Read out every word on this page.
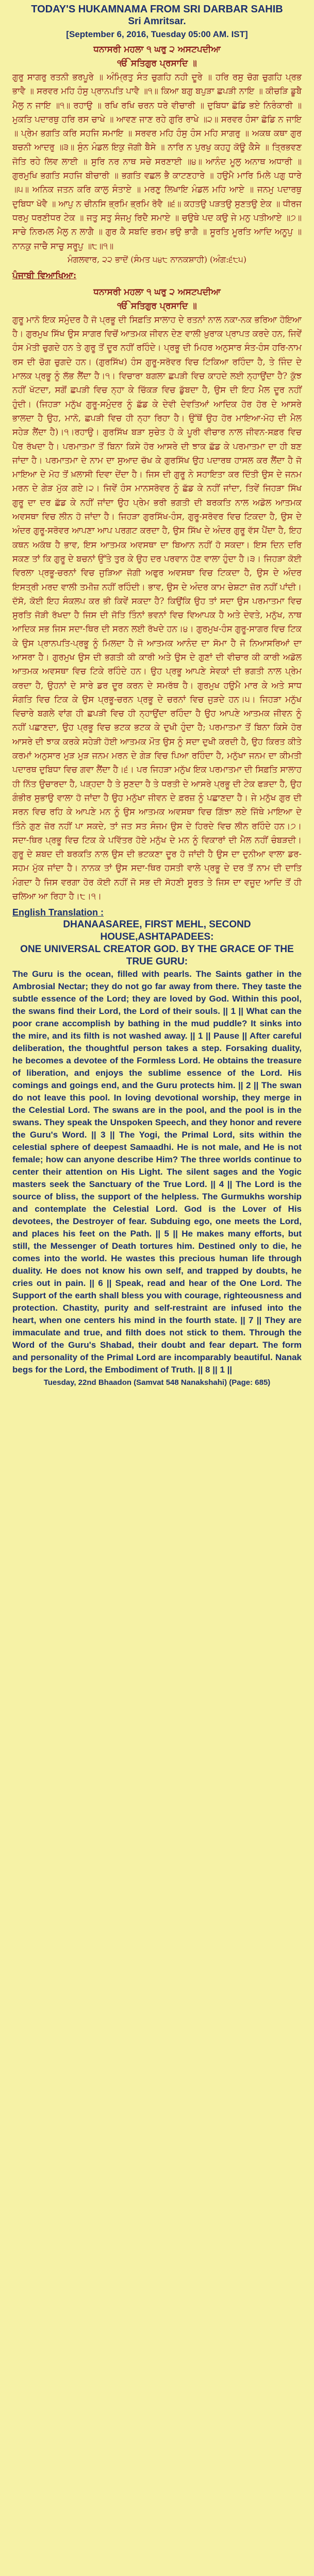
TODAY'S HUKAMNAMA FROM SRI DARBAR SAHIB

Sri Amritsar.

[September 6, 2016, Tuesday 05:00 AM. IST]

ਧਨਾਸਰੀ ਮਹਲਾ ੧ ਘਰੁ ੨ ਅਸਟਪਦੀਆ

ੴ ਸਤਿਗੁਰ ਪ੍ਰਸਾਦਿ ॥

ਗੁਰੁ ਸਾਗਰੁ ਰਤਨੀ ਭਰਪੂਰੇ ॥ ਅੰਮ੍ਰਿਤੁ ਸੰਤ ਚੁਗਹਿ ਨਹੀ ਦੂਰੇ ॥ ਹਰਿ ਰਸੁ ਚੋਗ ਚੁਗਹਿ ਪ੍ਰਭ ਭਾਵੈ ॥ ਸਰਵਰ ਮਹਿ ਹੰਸੁ ਪ੍ਰਾਨਪਤਿ ਪਾਵੈ ॥੧॥ ਕਿਆ ਬਗੁ ਬਪੁੜਾ ਛਪੜੀ ਨਾਇ ॥ ਕੀਚੜਿ ਡੂਬੈ ਮੈਲੁ ਨ ਜਾਇ ॥੧॥ ਰਹਾਉ ॥ ਰਖਿ ਰਖਿ ਚਰਨ ਧਰੇ ਵੀਚਾਰੀ ॥ ਦੁਬਿਧਾ ਛੋਡਿ ਭਏ ਨਿਰੰਕਾਰੀ ॥ ਮੁਕਤਿ ਪਦਾਰਥੁ ਹਰਿ ਰਸ ਚਾਖੇ ॥ ਆਵਣ ਜਾਣ ਰਹੇ ਗੁਰਿ ਰਾਖੇ ॥੨॥ ਸਰਵਰ ਹੰਸਾ ਛੋਡਿ ਨ ਜਾਇ ॥ ਪ੍ਰੇਮ ਭਗਤਿ ਕਰਿ ਸਹਜਿ ਸਮਾਇ ॥ ਸਰਵਰ ਮਹਿ ਹੰਸੁ ਹੰਸ ਮਹਿ ਸਾਗਰੁ ॥ ਅਕਥ ਕਥਾ ਗੁਰ ਬਚਨੀ ਆਦਰੁ ॥੩॥ ਸੁੰਨ ਮੰਡਲ ਇਕੁ ਜੋਗੀ ਬੈਸੇ ॥ ਨਾਰਿ ਨ ਪੁਰਖੁ ਕਹਹੁ ਕੋਊ ਕੈਸੇ ॥ ਤ੍ਰਿਭਵਣ ਜੋਤਿ ਰਹੇ ਲਿਵ ਲਾਈ ॥ ਸੁਰਿ ਨਰ ਨਾਥ ਸਚੇ ਸਰਣਾਈ ॥੪॥ ਆਨੰਦ ਮੂਲੁ ਅਨਾਥ ਅਧਾਰੀ ॥ ਗੁਰਮੁਖਿ ਭਗਤਿ ਸਹਜਿ ਬੀਚਾਰੀ ॥ ਭਗਤਿ ਵਛਲ ਭੈ ਕਾਟਣਹਾਰੇ ॥ ਹਉਮੈ ਮਾਰਿ ਮਿਲੇ ਪਗੁ ਧਾਰੇ ॥੫॥ ਅਨਿਕ ਜਤਨ ਕਰਿ ਕਾਲੁ ਸੰਤਾਏ ॥ ਮਰਣੁ ਲਿਖਾਇ ਮੰਡਲ ਮਹਿ ਆਏ ॥ ਜਨਮੁ ਪਦਾਰਥੁ ਦੁਬਿਧਾ ਖੋਵੈ ॥ ਆਪੁ ਨ ਚੀਨਸਿ ਭ੍ਰਮਿ ਭ੍ਰਮਿ ਰੋਵੈ ॥੬॥ ਕਹਤਉ ਪੜਤਉ ਸੁਣਤਉ ਏਕ ॥ ਧੀਰਜ ਧਰਮੁ ਧਰਣੀਧਰ ਟੇਕ ॥ ਜਤੁ ਸਤੁ ਸੰਜਮੁ ਰਿਦੈ ਸਮਾਏ ॥ ਚਉਥੇ ਪਦ ਕਉ ਜੇ ਮਨੁ ਪਤੀਆਏ ॥੭॥ ਸਾਚੇ ਨਿਰਮਲ ਮੈਲੁ ਨ ਲਾਗੈ ॥ ਗੁਰ ਕੈ ਸਬਦਿ ਭਰਮ ਭਉ ਭਾਗੈ ॥ ਸੂਰਤਿ ਮੂਰਤਿ ਆਦਿ ਅਨੂਪੁ ॥ ਨਾਨਕੁ ਜਾਚੈ ਸਾਚੁ ਸਰੂਪੁ ॥੮॥੧॥

ਮੰਗਲਵਾਰ, ੨੨ ਭਾਦੋਂ (ਸੰਮਤ ੫੪੮ ਨਾਨਕਸ਼ਾਹੀ) (ਅੰਗ:੬੮੫)

ਪੰਜਾਬੀ ਵਿਆਖਿਆ:

ਧਨਾਸਰੀ ਮਹਲਾ ੧ ਘਰੁ ੨ ਅਸਟਪਦੀਆ

ੴ ਸਤਿਗੁਰ ਪ੍ਰਸਾਦਿ ॥

ਗੁਰੂ ਮਾਨੋ ਇਕ ਸਮੁੰਦਰ ਹੈ ਜੋ ਪ੍ਰਭੂ ਦੀ ਸਿਫ਼ਤਿ ਸਾਲਾਹ ਦੇ ਰਤਨਾਂ ਨਾਲ ਨਕਾ-ਨਕ ਭਰਿਆ ਹੋਇਆ ਹੈ। ਗੁਰਮੁਖ ਸਿੱਖ ਉਸ ਸਾਗਰ ਵਿਚੋਂ ਆਤਮਕ ਜੀਵਨ ਦੇਣ ਵਾਲੀ ਖ਼ੁਰਾਕ ਪ੍ਰਾਪਤ ਕਰਦੇ ਹਨ, ਜਿਵੇਂ ਹੰਸ ਮੋਤੀ ਚੁਗਦੇ ਹਨ ਤੇ ਗੁਰੂ ਤੋਂ ਦੂਰ ਨਹੀਂ ਰਹਿੰਦੇ। ਪ੍ਰਭੂ ਦੀ ਮਿਹਰ ਅਨੁਸਾਰ ਸੰਤ-ਹੰਸ ਹਰਿ-ਨਾਮ ਰਸ ਦੀ ਚੋਗ ਚੁਗਦੇ ਹਨ। (ਗੁਰਸਿੱਖ) ਹੰਸ ਗੁਰੂ-ਸਰੋਵਰ ਵਿਚ ਟਿਕਿਆ ਰਹਿੰਦਾ ਹੈ, ਤੇ ਜਿੰਦ ਦੇ ਮਾਲਕ ਪ੍ਰਭੂ ਨੂੰ ਲੱਭ ਲੈਂਦਾ ਹੈ।੧। ਵਿਚਾਰਾ ਬਗਲਾ ਛਪੜੀ ਵਿਚ ਕਾਹਦੇ ਲਈ ਨ੍ਹਾਉਂਦਾ ਹੈ? ਕੁੱਝ ਨਹੀਂ ਖੱਟਦਾ, ਸਗੋਂ ਛਪੜੀ ਵਿਚ ਨ੍ਹਾ ਕੇ ਚਿੱਕੜ ਵਿਚ ਡੁੱਬਦਾ ਹੈ, ਉਸ ਦੀ ਇਹ ਮੈਲ ਦੂਰ ਨਹੀਂ ਹੁੰਦੀ। (ਜਿਹੜਾ ਮਨੁੱਖ ਗੁਰੂ-ਸਮੁੰਦਰ ਨੂੰ ਛੱਡ ਕੇ ਦੇਵੀ ਦੇਵਤਿਆਂ ਆਦਿਕ ਹੋਰ ਹੋਰ ਦੇ ਆਸਰੇ ਭਾਲਦਾ ਹੈ ਉਹ, ਮਾਨੋ, ਛਪੜੀ ਵਿਚ ਹੀ ਨ੍ਹਾ ਰਿਹਾ ਹੈ। ਉੱਥੋਂ ਉਹ ਹੋਰ ਮਾਇਆ-ਮੋਹ ਦੀ ਮੈਲ ਸਹੇੜ ਲੈਂਦਾ ਹੈ)।੧।ਰਹਾਉ। ਗੁਰਸਿੱਖ ਬੜਾ ਸੁਚੇਤ ਹੋ ਕੇ ਪੂਰੀ ਵੀਚਾਰ ਨਾਲ ਜੀਵਨ-ਸਫ਼ਰ ਵਿਚ ਪੈਰ ਰੱਖਦਾ ਹੈ। ਪਰਮਾਤਮਾ ਤੋਂ ਬਿਨਾ ਕਿਸੇ ਹੋਰ ਆਸਰੇ ਦੀ ਝਾਕ ਛੱਡ ਕੇ ਪਰਮਾਤਮਾ ਦਾ ਹੀ ਬਣ ਜਾਂਦਾ ਹੈ। ਪਰਮਾਤਮਾ ਦੇ ਨਾਮ ਦਾ ਸੁਆਦ ਚੱਖ ਕੇ ਗੁਰਸਿੱਖ ਉਹ ਪਦਾਰਥ ਹਾਸਲ ਕਰ ਲੈਂਦਾ ਹੈ ਜੋ ਮਾਇਆ ਦੇ ਮੋਹ ਤੋਂ ਖ਼ਲਾਸੀ ਦਿਵਾ ਦੇਂਦਾ ਹੈ। ਜਿਸ ਦੀ ਗੁਰੂ ਨੇ ਸਹਾਇਤਾ ਕਰ ਦਿੱਤੀ ਉਸ ਦੇ ਜਨਮ ਮਰਨ ਦੇ ਗੇੜ ਮੁੱਕ ਗਏ।੨। ਜਿਵੇਂ ਹੰਸ ਮਾਨਸਰੋਵਰ ਨੂੰ ਛੱਡ ਕੇ ਨਹੀਂ ਜਾਂਦਾ, ਤਿਵੇਂ ਜਿਹੜਾ ਸਿੱਖ ਗੁਰੂ ਦਾ ਦਰ ਛੱਡ ਕੇ ਨਹੀਂ ਜਾਂਦਾ ਉਹ ਪ੍ਰੇਮ ਭਰੀ ਭਗਤੀ ਦੀ ਬਰਕਤਿ ਨਾਲ ਅਡੋਲ ਆਤਮਕ ਅਵਸਥਾ ਵਿਚ ਲੀਨ ਹੋ ਜਾਂਦਾ ਹੈ। ਜਿਹੜਾ ਗੁਰਸਿੱਖ-ਹੰਸ, ਗੁਰੂ-ਸਰੋਵਰ ਵਿਚ ਟਿਕਦਾ ਹੈ, ਉਸ ਦੇ ਅੰਦਰ ਗੁਰੂ-ਸਰੋਵਰ ਆਪਣਾ ਆਪ ਪਰਗਟ ਕਰਦਾ ਹੈ, ਉਸ ਸਿੱਖ ਦੇ ਅੰਦਰ ਗੁਰੂ ਵੱਸ ਪੈਂਦਾ ਹੈ, ਇਹ ਕਥਨ ਅਕੱਥ ਹੈ ਭਾਵ, ਇਸ ਆਤਮਕ ਅਵਸਥਾ ਦਾ ਬਿਆਨ ਨਹੀਂ ਹੋ ਸਕਦਾ। ਇਸ ਦਿਨ ਦਰਿ ਸਕਣ ਤਾਂ ਕਿ ਗੁਰੂ ਦੇ ਬਚਨਾਂ ਉੱਤੇ ਤੁਰ ਕੇ ਉਹ ਦਰ ਪਰਵਾਨ ਹੋਣ ਵਾਲਾ ਹੁੰਦਾ ਹੈ।੩। ਜਿਹੜਾ ਕੋਈ ਵਿਰਲਾ ਪ੍ਰਭੂ-ਚਰਨਾਂ ਵਿਚ ਜੁੜਿਆ ਜੋਗੀ ਅਫੁਰ ਅਵਸਥਾ ਵਿਚ ਟਿਕਦਾ ਹੈ, ਉਸ ਦੇ ਅੰਦਰ ਇਸਤ੍ਰੀ ਮਰਦ ਵਾਲੀ ਤਮੀਜ਼ ਨਹੀਂ ਰਹਿੰਦੀ। ਭਾਵ, ਉਸ ਦੇ ਅੰਦਰ ਕਾਮ ਚੇਸ਼ਟਾ ਜ਼ੋਰ ਨਹੀਂ ਪਾਂਦੀ। ਦੱਸੋ, ਕੋਈ ਇਹ ਸੰਕਲਪ ਕਰ ਭੀ ਕਿਵੇਂ ਸਕਦਾ ਹੈ? ਕਿਉਂਕਿ ਉਹ ਤਾਂ ਸਦਾ ਉਸ ਪਰਮਾਤਮਾ ਵਿਚ ਸੁਰਤਿ ਜੋੜੀ ਰੱਖਦਾ ਹੈ ਜਿਸ ਦੀ ਜੋਤਿ ਤਿੰਨਾਂ ਭਵਨਾਂ ਵਿਚ ਵਿਆਪਕ ਹੈ ਅਤੇ ਦੇਵਤੇ, ਮਨੁੱਖ, ਨਾਥ ਆਦਿਕ ਸਭ ਜਿਸ ਸਦਾ-ਥਿਰ ਦੀ ਸਰਨ ਲਈ ਰੱਖਦੇ ਹਨ।੪। ਗੁਰਮੁਖ-ਹੰਸ ਗੁਰੂ-ਸਾਗਰ ਵਿਚ ਟਿਕ ਕੇ ਉਸ ਪ੍ਰਾਨਪਤਿ-ਪ੍ਰਭੂ ਨੂੰ ਮਿਲਦਾ ਹੈ ਜੋ ਆਤਮਕ ਆਨੰਦ ਦਾ ਸੋਮਾ ਹੈ ਜੋ ਨਿਆਸਰਿਆਂ ਦਾ ਆਸਰਾ ਹੈ। ਗੁਰਮੁਖ ਉਸ ਦੀ ਭਗਤੀ ਕੀ ਕਾਰੀ ਅਤੇ ਉਸ ਦੇ ਗੁਣਾਂ ਦੀ ਵੀਚਾਰ ਕੀ ਕਾਰੀ ਅਡੋਲ ਆਤਮਕ ਅਵਸਥਾ ਵਿਚ ਟਿਕੇ ਰਹਿੰਦੇ ਹਨ। ਉਹ ਪ੍ਰਭੂ ਆਪਣੇ ਸੇਵਕਾਂ ਦੀ ਭਗਤੀ ਨਾਲ ਪ੍ਰੇਮ ਕਰਦਾ ਹੈ, ਉਹਨਾਂ ਦੇ ਸਾਰੇ ਡਰ ਦੂਰ ਕਰਨ ਦੇ ਸਮਰੱਥ ਹੈ। ਗੁਰਮੁਖ ਹਉਮੈ ਮਾਰ ਕੇ ਅਤੇ ਸਾਧ ਸੰਗਤਿ ਵਿਚ ਟਿਕ ਕੇ ਉਸ ਪ੍ਰਭੂ-ਚਰਨ ਪ੍ਰਭੂ ਦੇ ਚਰਨਾਂ ਵਿਚ ਜੁੜਦੇ ਹਨ।੫। ਜਿਹੜਾ ਮਨੁੱਖ ਵਿਚਾਰੇ ਬਗਲੇ ਵਾਂਗ ਹੀ ਛਪੜੀ ਵਿਚ ਹੀ ਨ੍ਹਾਉਂਦਾ ਰਹਿੰਦਾ ਹੈ ਉਹ ਆਪਣੇ ਆਤਮਕ ਜੀਵਨ ਨੂੰ ਨਹੀਂ ਪਛਾਣਦਾ, ਉਹ ਪ੍ਰਭੂ ਵਿਚ ਭਟਕ ਭਟਕ ਕੇ ਦੁਖੀ ਹੁੰਦਾ ਹੈ; ਪਰਮਾਤਮਾ ਤੋਂ ਬਿਨਾ ਕਿਸੇ ਹੋਰ ਆਸਰੇ ਦੀ ਝਾਕ ਕਰਕੇ ਸਹੇੜੀ ਹੋਈ ਆਤਮਕ ਮੌਤ ਉਸ ਨੂੰ ਸਦਾ ਦੁਖੀ ਕਰਦੀ ਹੈ, ਉਹ ਕਿਰਤ ਕੀਤੇ ਕਰਮਾਂ ਅਨੁਸਾਰ ਮੁੜ ਮੁੜ ਜਨਮ ਮਰਨ ਦੇ ਗੇੜ ਵਿਚ ਪਿਆ ਰਹਿੰਦਾ ਹੈ, ਮਨੁੱਖਾ ਜਨਮ ਦਾ ਕੀਮਤੀ ਪਦਾਰਥ ਦੁਬਿਧਾ ਵਿਚ ਗਵਾ ਲੈਂਦਾ ਹੈ।੬। ਪਰ ਜਿਹੜਾ ਮਨੁੱਖ ਇਕ ਪਰਮਾਤਮਾ ਦੀ ਸਿਫ਼ਤਿ ਸਾਲਾਹ ਹੀ ਨਿੱਤ ਉਚਾਰਦਾ ਹੈ, ਪੜ੍ਹਦਾ ਹੈ ਤੇ ਸੁਣਦਾ ਹੈ ਤੇ ਧਰਤੀ ਦੇ ਆਸਰੇ ਪ੍ਰਭੂ ਦੀ ਟੇਕ ਫੜਦਾ ਹੈ, ਉਹ ਗੰਭੀਰ ਸੁਭਾਉ ਵਾਲਾ ਹੋ ਜਾਂਦਾ ਹੈ ਉਹ ਮਨੁੱਖਾ ਜੀਵਨ ਦੇ ਫ਼ਰਜ਼ ਨੂੰ ਪਛਾਣਦਾ ਹੈ। ਜੇ ਮਨੁੱਖ ਗੁਰ ਦੀ ਸਰਨ ਵਿਚ ਰਹਿ ਕੇ ਆਪਣੇ ਮਨ ਨੂੰ ਉਸ ਆਤਮਕ ਅਵਸਥਾ ਵਿਚ ਗਿੱਝਾ ਲਏ ਜਿੱਥੇ ਮਾਇਆ ਦੇ ਤਿੰਨੇ ਗੁਣ ਜ਼ੋਰ ਨਹੀਂ ਪਾ ਸਕਦੇ, ਤਾਂ ਜਤ ਸਤ ਸੰਜਮ ਉਸ ਦੇ ਹਿਰਦੇ ਵਿਚ ਲੀਨ ਰਹਿੰਦੇ ਹਨ।੭। ਸਦਾ-ਥਿਰ ਪ੍ਰਭੂ ਵਿਚ ਟਿਕ ਕੇ ਪਵਿੱਤਰ ਹੋਏ ਮਨੁੱਖ ਦੇ ਮਨ ਨੂੰ ਵਿਕਾਰਾਂ ਦੀ ਮੈਲ ਨਹੀਂ ਚੰਬੜਦੀ। ਗੁਰੂ ਦੇ ਸ਼ਬਦ ਦੀ ਬਰਕਤਿ ਨਾਲ ਉਸ ਦੀ ਭਟਕਣਾ ਦੂਰ ਹੋ ਜਾਂਦੀ ਹੈ ਉਸ ਦਾ ਦੁਨੀਆ ਵਾਲਾ ਡਰ-ਸਹਮ ਮੁੱਕ ਜਾਂਦਾ ਹੈ। ਨਾਨਕ ਤਾਂ ਉਸ ਸਦਾ-ਥਿਰ ਹਸਤੀ ਵਾਲੇ ਪ੍ਰਭੂ ਦੇ ਦਰ ਤੋਂ ਨਾਮ ਦੀ ਦਾਤਿ ਮੰਗਦਾ ਹੈ ਜਿਸ ਵਰਗਾ ਹੋਰ ਕੋਈ ਨਹੀਂ ਜੋ ਸਭ ਦੀ ਸੋਹਣੀ ਸੂਰਤ ਤੇ ਜਿਸ ਦਾ ਵਜੂਦ ਆਦਿ ਤੋਂ ਹੀ ਚਲਿਆ ਆ ਰਿਹਾ ਹੈ।੮।੧।

English Translation :

DHANAASAREE, FIRST MEHL, SECOND HOUSE,ASHTAPADEES:

ONE UNIVERSAL CREATOR GOD. BY THE GRACE OF THE TRUE GURU:

The Guru is the ocean, filled with pearls. The Saints gather in the Ambrosial Nectar; they do not go far away from there. They taste the subtle essence of the Lord; they are loved by God. Within this pool, the swans find their Lord, the Lord of their souls. || 1 || What can the poor crane accomplish by bathing in the mud puddle? It sinks into the mire, and its filth is not washed away. || 1 || Pause || After careful deliberation, the thoughtful person takes a step. Forsaking duality, he becomes a devotee of the Formless Lord. He obtains the treasure of liberation, and enjoys the sublime essence of the Lord. His comings and goings end, and the Guru protects him. || 2 || The swan do not leave this pool. In loving devotional worship, they merge in the Celestial Lord. The swans are in the pool, and the pool is in the swans. They speak the Unspoken Speech, and they honor and revere the Guru's Word. || 3 || The Yogi, the Primal Lord, sits within the celestial sphere of deepest Samaadhi. He is not male, and He is not female; how can anyone describe Him? The three worlds continue to center their attention on His Light. The silent sages and the Yogic masters seek the Sanctuary of the True Lord. || 4 || The Lord is the source of bliss, the support of the helpless. The Gurmukhs worship and contemplate the Celestial Lord. God is the Lover of His devotees, the Destroyer of fear. Subduing ego, one meets the Lord, and places his feet on the Path. || 5 || He makes many efforts, but still, the Messenger of Death tortures him. Destined only to die, he comes into the world. He wastes this precious human life through duality. He does not know his own self, and trapped by doubts, he cries out in pain. || 6 || Speak, read and hear of the One Lord. The Support of the earth shall bless you with courage, righteousness and protection. Chastity, purity and self-restraint are infused into the heart, when one centers his mind in the fourth state. || 7 || They are immaculate and true, and filth does not stick to them. Through the Word of the Guru's Shabad, their doubt and fear depart. The form and personality of the Primal Lord are incomparably beautiful. Nanak begs for the Lord, the Embodiment of Truth. || 8 || 1 ||

Tuesday, 22nd Bhaadon (Samvat 548 Nanakshahi) (Page: 685)
